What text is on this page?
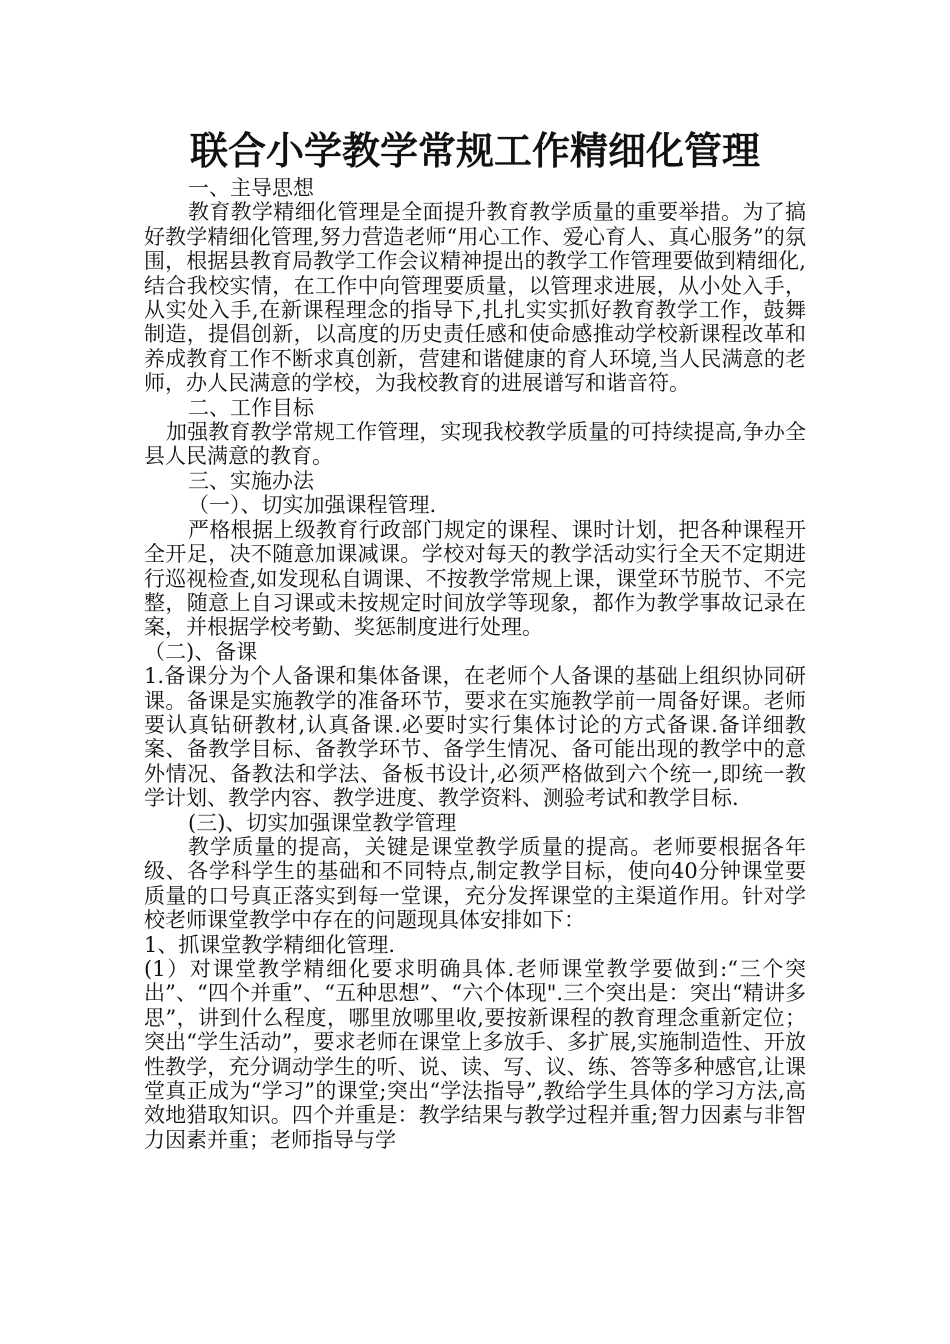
联合小学教学常规工作精细化管理

一、主导思想

教育教学精细化管理是全面提升教育教学质量的重要举措。为了搞好教学精细化管理,努力营造老师“用心工作、爱心育人、真心服务”的氛围，根据县教育局教学工作会议精神提出的教学工作管理要做到精细化,结合我校实情，在工作中向管理要质量，以管理求进展，从小处入手，从实处入手,在新课程理念的指导下,扎扎实实抓好教育教学工作，鼓舞制造，提倡创新，以高度的历史责任感和使命感推动学校新课程改革和养成教育工作不断求真创新，营建和谐健康的育人环境,当人民满意的老师，办人民满意的学校，为我校教育的进展谱写和谐音符。

二、工作目标

加强教育教学常规工作管理，实现我校教学质量的可持续提高,争办全县人民满意的教育。

三、实施办法

（一）、切实加强课程管理.

严格根据上级教育行政部门规定的课程、课时计划，把各种课程开全开足，决不随意加课减课。学校对每天的教学活动实行全天不定期进行巡视检查,如发现私自调课、不按教学常规上课，课堂环节脱节、不完整，随意上自习课或未按规定时间放学等现象，都作为教学事故记录在案，并根据学校考勤、奖惩制度进行处理。

（二)、备课

1.备课分为个人备课和集体备课，在老师个人备课的基础上组织协同研课。备课是实施教学的准备环节，要求在实施教学前一周备好课。老师要认真钻研教材,认真备课.必要时实行集体讨论的方式备课.备详细教案、备教学目标、备教学环节、备学生情况、备可能出现的教学中的意外情况、备教法和学法、备板书设计,必须严格做到六个统一,即统一教学计划、教学内容、教学进度、教学资料、测验考试和教学目标.

(三)、切实加强课堂教学管理

教学质量的提高，关键是课堂教学质量的提高。老师要根据各年级、各学科学生的基础和不同特点,制定教学目标，使向40分钟课堂要质量的口号真正落实到每一堂课，充分发挥课堂的主渠道作用。针对学校老师课堂教学中存在的问题现具体安排如下：

1、抓课堂教学精细化管理.

(1）对课堂教学精细化要求明确具体.老师课堂教学要做到:“三个突出”、“四个并重”、“五种思想”、“六个体现".三个突出是：突出“精讲多思”，讲到什么程度，哪里放哪里收,要按新课程的教育理念重新定位；突出“学生活动”，要求老师在课堂上多放手、多扩展,实施制造性、开放性教学，充分调动学生的听、说、读、写、议、练、答等多种感官,让课堂真正成为“学习”的课堂;突出“学法指导”,教给学生具体的学习方法,高效地猎取知识。四个并重是：教学结果与教学过程并重;智力因素与非智力因素并重；老师指导与学
